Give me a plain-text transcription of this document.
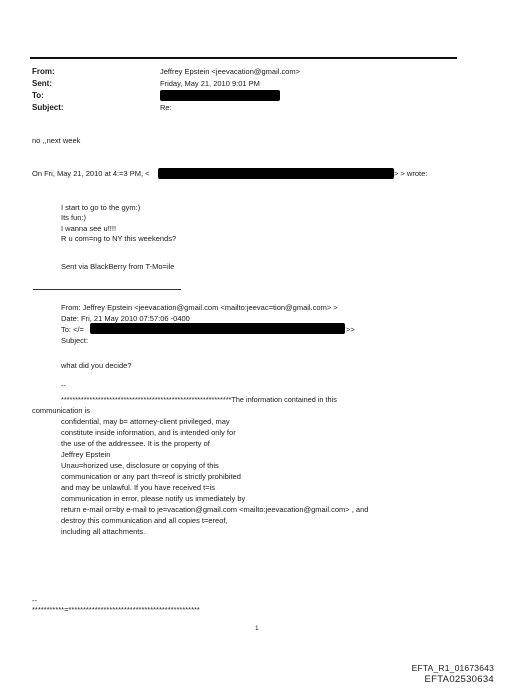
From:
Sent:
To:
Subject:
Jeffrey Epstein <jeevacation@gmail.com>
Friday, May 21, 2010 9:01 PM
Re:
no ,,next week
On Fri, May 21, 2010 at 4:=3 PM, <	> > wrote:
I start to go to the gym:)
Its fun:)
I wanna see u!!!!
R u com=ng to NY this weekends?
Sent via BlackBerry from T-Mo=ile
From: Jeffrey Epstein <jeevacation@gmail.com <mailto:jeevac=tion@gmail.com> >
Date: Fri, 21 May 2010 07:57:06 -0400
To: </=	>>
Subject:
what did you decide?
--
************************************************************The information contained in this
communication is
confidential, may b= attorney-client privileged, may
constitute inside information, and is intended only for
the use of the addressee. It is the property of
Jeffrey Epstein
Unau=horized use, disclosure or copying of this
communication or any part th=reof is strictly prohibited
and may be unlawful. If you have received t=is
communication in error, please notify us immediately by
return e-mail or=by e-mail to je=vacation@gmail.com <mailto:jeevacation@gmail.com> , and
destroy this communication and all copies t=ereof,
including all attachments.
--
***********=*********************************************
1
EFTA_R1_01673643
EFTA02530634
